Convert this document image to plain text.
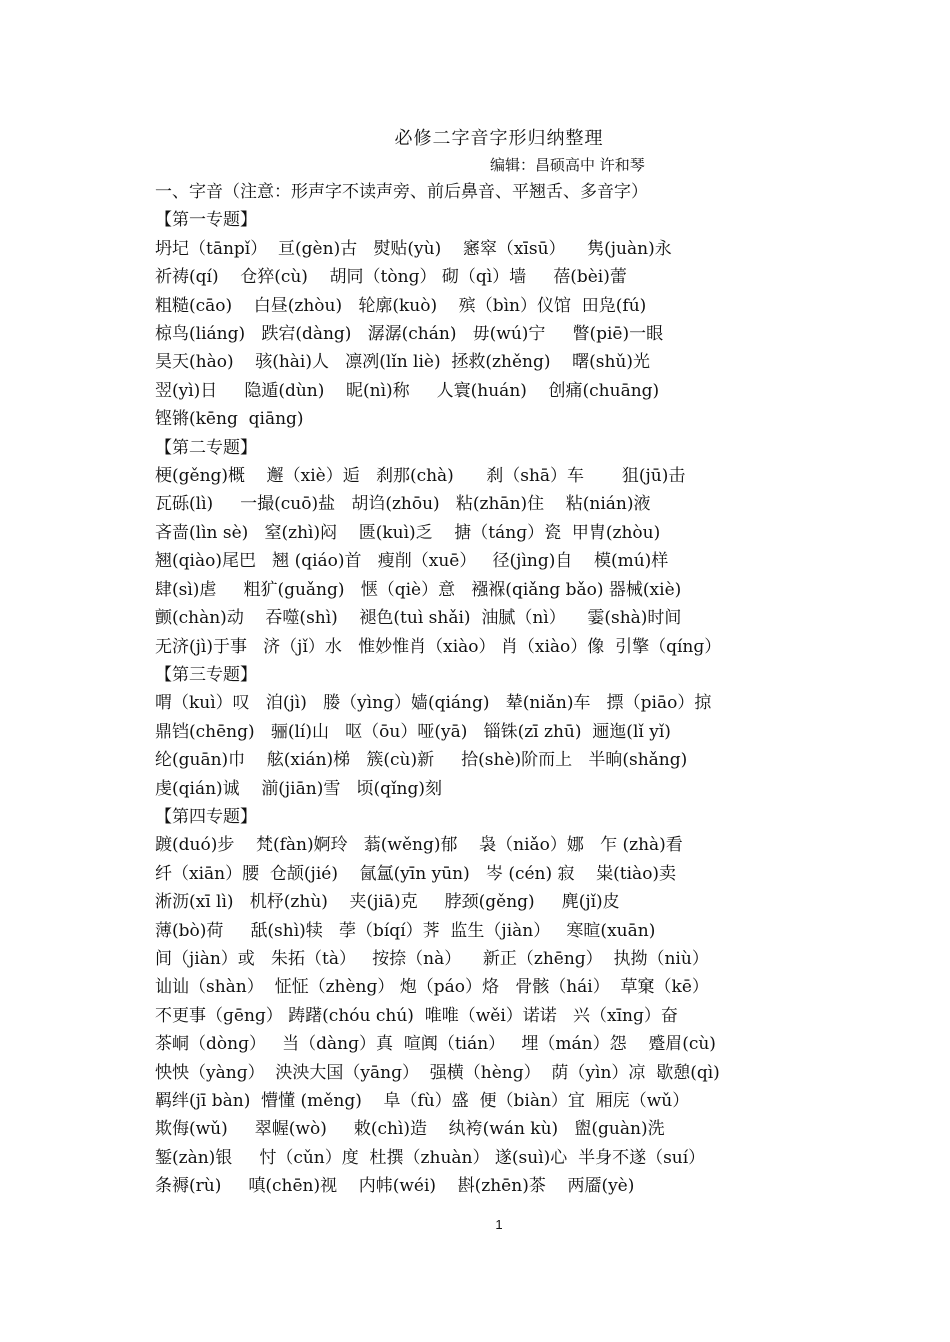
必修二字音字形归纳整理
编辑：昌硕高中 许和琴
一、字音（注意：形声字不读声旁、前后鼻音、平翘舌、多音字）
【第一专题】
坍圮（tānpǐ）  亘(gèn)古   熨贴(yù)    窸窣（xīsū）    隽(juàn)永
祈祷(qí)    仓猝(cù)    胡同（tònɡ） 砌（qì）墙     蓓(bèi)蕾
粗糙(cāo)    白昼(zhòu)   轮廓(kuò)    殡（bìn）仪馆  田凫(fú)
椋鸟(liáng)   跌宕(dàng)   潺潺(chán)   毋(wú)宁     瞥(piē)一眼
昊天(hào)    骇(hài)人   凛冽(lǐn liè)  拯救(zhěng)    曙(shǔ)光
翌(yì)日     隐遁(dùn)    昵(nì)称     人寰(huán)    创痛(chuāng)
铿锵(kēng  qiāng)
【第二专题】
梗(gěng)概    邂（xiè）逅   刹那(chà)      刹（shā）车       狙(jū)击
瓦砾(lì)     一撮(cuō)盐   胡诌(zhōu)   粘(zhān)住    粘(nián)液
吝啬(lìn sè)   窒(zhì)闷    匮(kuì)乏    搪（tánɡ）瓷  甲胄(zhòu)
翘(qiào)尾巴   翘 (qiáo)首   瘦削（xuē）   径(jìng)自    模(mú)样
肆(sì)虐     粗犷(guǎng)   惬（qiè）意   襁褓(qiǎng bǎo) 器械(xiè)
颤(chàn)动    吞噬(shì)    褪色(tuì shǎi)  油腻（nì）    霎(shà)时间
无济(jì)于事   济（jǐ）水   惟妙惟肖（xiào） 肖（xiào）像  引擎（qínɡ）
【第三专题】
喟（kuì）叹   洎(jì)   媵（yìnɡ）嫱(qiáng)   辇(niǎn)车   摽（piāo）掠
鼎铛(chēng)   骊(lí)山   呕（ōu）哑(yā)   锱铢(zī zhū)  逦迤(lǐ yǐ)
纶(guān)巾    舷(xián)梯   簇(cù)新     拾(shè)阶而上   半晌(shǎng)
虔(qián)诚    湔(jiān)雪   顷(qǐng)刻
【第四专题】
踱(duó)步    梵(fàn)婀玲   蓊(wěng)郁    袅（niǎo）娜   乍 (zhà)看
纤（xiān）腰  仓颉(jié)    氤氲(yīn yūn)   岑 (cén) 寂    粜(tiào)卖
淅沥(xī lì)   机杼(zhù)    夹(jiā)克     脖颈(gěng)     麂(jǐ)皮
薄(bò)荷     舐(shì)犊   荸（bíqí）荠  监生（jiàn）   寒暄(xuān)
间（jiàn）或   朱拓（tà）   按捺（nà）    新正（zhēnɡ）  执拗（niù）
讪讪（shàn）  怔怔（zhènɡ） 炮（páo）烙   骨骸（hái）  草窠（kē）
不更事（ɡēnɡ） 踌躇(chóu chú)  唯唯（wěi）诺诺   兴（xīnɡ）奋
茶峒（dònɡ）   当（dànɡ）真  喧阗（tián）   埋（mán）怨    蹙眉(cù)
怏怏（yànɡ）  泱泱大国（yānɡ）  强横（hènɡ）  荫（yìn）凉  歇憩(qì)
羁绊(jī bàn)  懵懂 (měng)    阜（fù）盛  便（biàn）宜  厢庑（wǔ）
欺侮(wǔ)     翠幄(wò)     敕(chì)造    纨袴(wán kù)   盥(guàn)洗
錾(zàn)银     忖（cǔn）度  杜撰（zhuàn） 遂(suì)心  半身不遂（suí）
条褥(rù)     嗔(chēn)视    内帏(wéi)    斟(zhēn)茶    两靥(yè)
1
